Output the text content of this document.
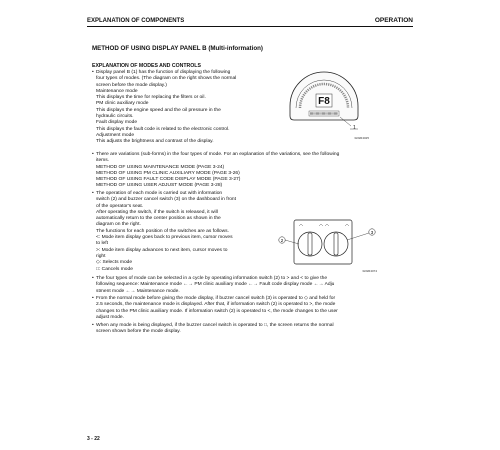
EXPLANATION OF COMPONENTS	OPERATION
METHOD OF USING DISPLAY PANEL B (Multi-information)
EXPLANATION OF MODES AND CONTROLS

• Display panel B (1) has the function of displaying the following

four types of modes. (The diagram on the right shows the normal

screen before the mode display.)

Maintenance mode

This displays the time for replacing the filters or oil.

PM clinic auxiliary mode

This displays the engine speed and the oil pressure in the

hydraulic circuits.

Fault display mode

This displays the fault code is related to the electronic control.

Adjustment mode

This adjusts the brightness and contrast of the display.

F8
1
3LWR4025

• There are variations (sub-forms) in the four types of mode. For an explanation of the variations, see the following

items.

METHOD OF USING MAINTENANCE MODE (PAGE 3-24)

METHOD OF USING PM CLINIC AUXILIARY MODE (PAGE 3-26)

METHOD OF USING FAULT CODE DISPLAY MODE (PAGE 3-27)

METHOD OF USING USER ADJUST MODE (PAGE 3-28)

• The operation of each mode is carried out with information

switch (2) and buzzer cancel switch (3) on the dashboard in front

of the operator's seat.

After operating the switch, if the switch is released, it will

automatically return to the center position as shown in the

diagram on the right.

The functions for each position of the switches are as follows.

<: Mode item display goes back to previous item, cursor moves

to left

>: Mode item display advances to next item, cursor moves to

right

◇: Selects mode

□: Cancels mode

2
3
3LWR4074

• The four types of mode can be selected in a cycle by operating information switch (2) to > and < to give the

following sequence: Maintenance mode ←→ PM clinic auxiliary mode ←→ Fault code display mode ←→ Adju

stment mode ←→ Maintenance mode.

• From the normal mode before giving the mode display, if buzzer cancel switch (3) is operated to ◇ and held for

2.5 seconds, the maintenance mode is displayed. After that, if information switch (2) is operated to >, the mode

changes to the PM clinic auxiliary mode. If information switch (2) is operated to <, the mode changes to the user

adjust mode.

• When any mode is being displayed, if the buzzer cancel switch is operated to □, the screen returns the normal

screen shown before the mode display.

3 - 22
